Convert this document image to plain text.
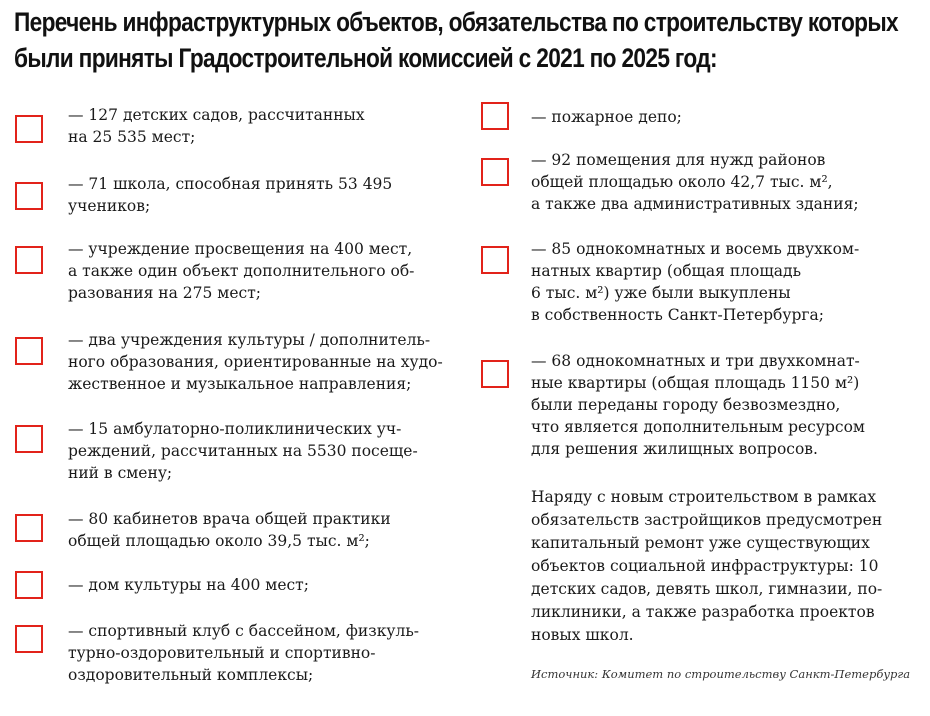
Перечень инфраструктурных объектов, обязательства по строительству которых
были приняты Градостроительной комиссией с 2021 по 2025 год:
— 127 детских садов, рассчитанных
на 25 535 мест;
— 71 школа, способная принять 53 495
учеников;
— учреждение просвещения на 400 мест,
а также один объект дополнительного об-
разования на 275 мест;
— два учреждения культуры / дополнитель-
ного образования, ориентированные на худо-
жественное и музыкальное направления;
— 15 амбулаторно-поликлинических уч-
реждений, рассчитанных на 5530 посеще-
ний в смену;
— 80 кабинетов врача общей практики
общей площадью около 39,5 тыс. м²;
— дом культуры на 400 мест;
— спортивный клуб с бассейном, физкуль-
турно-оздоровительный и спортивно-
оздоровительный комплексы;
— пожарное депо;
— 92 помещения для нужд районов
общей площадью около 42,7 тыс. м²,
а также два административных здания;
— 85 однокомнатных и восемь двухком-
натных квартир (общая площадь
6 тыс. м²) уже были выкуплены
в собственность Санкт-Петербурга;
— 68 однокомнатных и три двухкомнат-
ные квартиры (общая площадь 1150 м²)
были переданы городу безвозмездно,
что является дополнительным ресурсом
для решения жилищных вопросов.
Наряду с новым строительством в рамках
обязательств застройщиков предусмотрен
капитальный ремонт уже существующих
объектов социальной инфраструктуры: 10
детских садов, девять школ, гимназии, по-
ликлиники, а также разработка проектов
новых школ.
Источник: Комитет по строительству Санкт-Петербурга
